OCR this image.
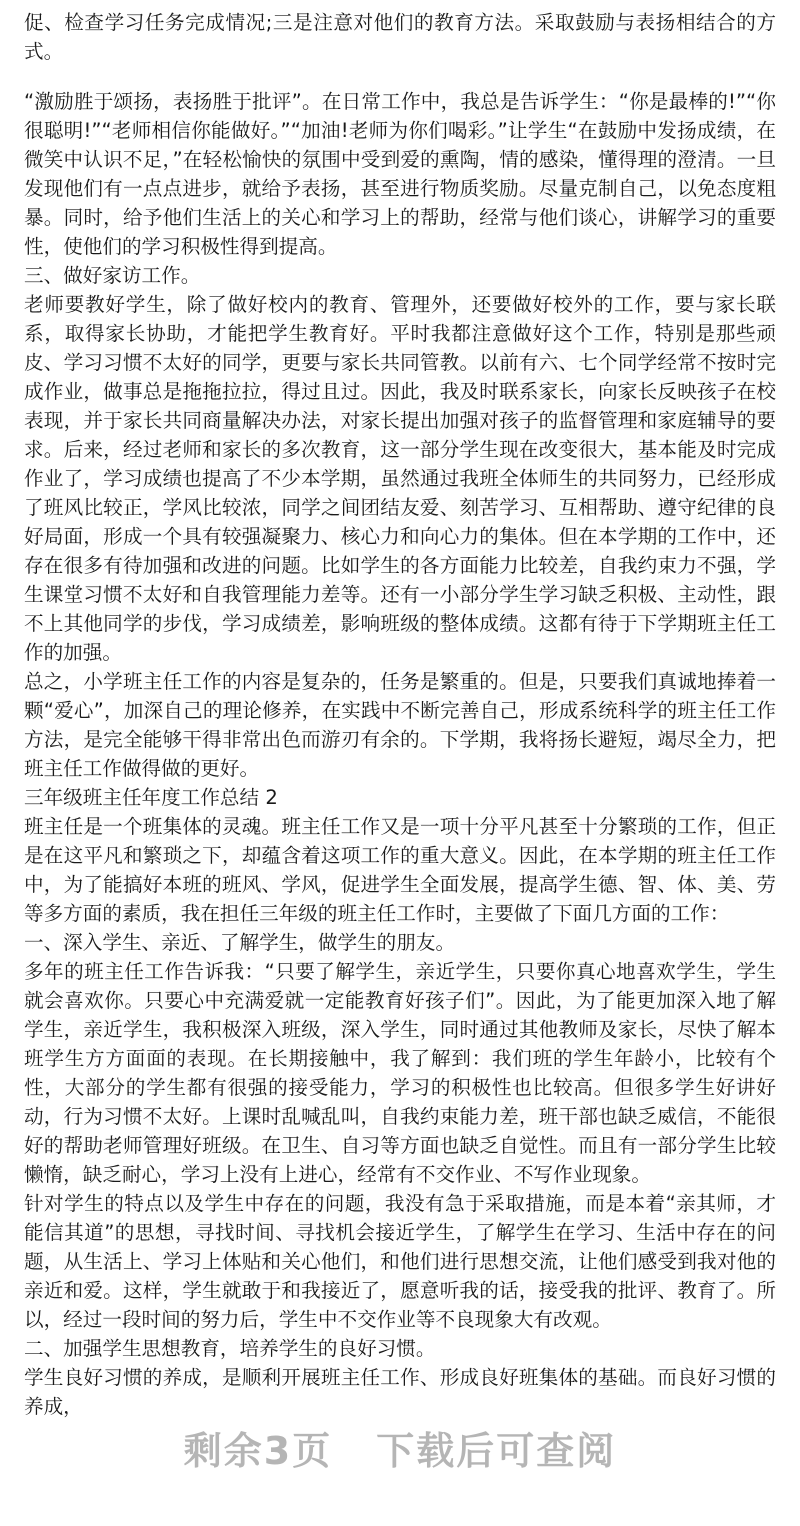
促、检查学习任务完成情况;三是注意对他们的教育方法。采取鼓励与表扬相结合的方式。

“激励胜于颂扬，表扬胜于批评”。在日常工作中，我总是告诉学生：“你是最棒的!”“你很聪明!”“老师相信你能做好。”“加油!老师为你们喝彩。”让学生“在鼓励中发扬成绩，在微笑中认识不足，”在轻松愉快的氛围中受到爱的熏陶，情的感染，懂得理的澄清。一旦发现他们有一点点进步，就给予表扬，甚至进行物质奖励。尽量克制自己，以免态度粗暴。同时，给予他们生活上的关心和学习上的帮助，经常与他们谈心，讲解学习的重要性，使他们的学习积极性得到提高。

三、做好家访工作。

老师要教好学生，除了做好校内的教育、管理外，还要做好校外的工作，要与家长联系，取得家长协助，才能把学生教育好。平时我都注意做好这个工作，特别是那些顽皮、学习习惯不太好的同学，更要与家长共同管教。以前有六、七个同学经常不按时完成作业，做事总是拖拖拉拉，得过且过。因此，我及时联系家长，向家长反映孩子在校表现，并于家长共同商量解决办法，对家长提出加强对孩子的监督管理和家庭辅导的要求。后来，经过老师和家长的多次教育，这一部分学生现在改变很大，基本能及时完成作业了，学习成绩也提高了不少本学期，虽然通过我班全体师生的共同努力，已经形成了班风比较正，学风比较浓，同学之间团结友爱、刻苦学习、互相帮助、遵守纪律的良好局面，形成一个具有较强凝聚力、核心力和向心力的集体。但在本学期的工作中，还存在很多有待加强和改进的问题。比如学生的各方面能力比较差，自我约束力不强，学生课堂习惯不太好和自我管理能力差等。还有一小部分学生学习缺乏积极、主动性，跟不上其他同学的步伐，学习成绩差，影响班级的整体成绩。这都有待于下学期班主任工作的加强。

总之，小学班主任工作的内容是复杂的，任务是繁重的。但是，只要我们真诚地捧着一颗“爱心”，加深自己的理论修养，在实践中不断完善自己，形成系统科学的班主任工作方法，是完全能够干得非常出色而游刃有余的。下学期，我将扬长避短，竭尽全力，把班主任工作做得做的更好。

三年级班主任年度工作总结 2

班主任是一个班集体的灵魂。班主任工作又是一项十分平凡甚至十分繁琐的工作，但正是在这平凡和繁琐之下，却蕴含着这项工作的重大意义。因此，在本学期的班主任工作中，为了能搞好本班的班风、学风，促进学生全面发展，提高学生德、智、体、美、劳等多方面的素质，我在担任三年级的班主任工作时，主要做了下面几方面的工作：

一、深入学生、亲近、了解学生，做学生的朋友。

多年的班主任工作告诉我：“只要了解学生，亲近学生，只要你真心地喜欢学生，学生就会喜欢你。只要心中充满爱就一定能教育好孩子们”。因此，为了能更加深入地了解学生，亲近学生，我积极深入班级，深入学生，同时通过其他教师及家长，尽快了解本班学生方方面面的表现。在长期接触中，我了解到：我们班的学生年龄小，比较有个性，大部分的学生都有很强的接受能力，学习的积极性也比较高。但很多学生好讲好动，行为习惯不太好。上课时乱喊乱叫，自我约束能力差，班干部也缺乏威信，不能很好的帮助老师管理好班级。在卫生、自习等方面也缺乏自觉性。而且有一部分学生比较懒惰，缺乏耐心，学习上没有上进心，经常有不交作业、不写作业现象。

针对学生的特点以及学生中存在的问题，我没有急于采取措施，而是本着“亲其师，才能信其道”的思想，寻找时间、寻找机会接近学生，了解学生在学习、生活中存在的问题，从生活上、学习上体贴和关心他们，和他们进行思想交流，让他们感受到我对他的亲近和爱。这样，学生就敢于和我接近了，愿意听我的话，接受我的批评、教育了。所以，经过一段时间的努力后，学生中不交作业等不良现象大有改观。

二、加强学生思想教育，培养学生的良好习惯。

学生良好习惯的养成，是顺利开展班主任工作、形成良好班集体的基础。而良好习惯的养成，

剩余3页 下载后可查阅
